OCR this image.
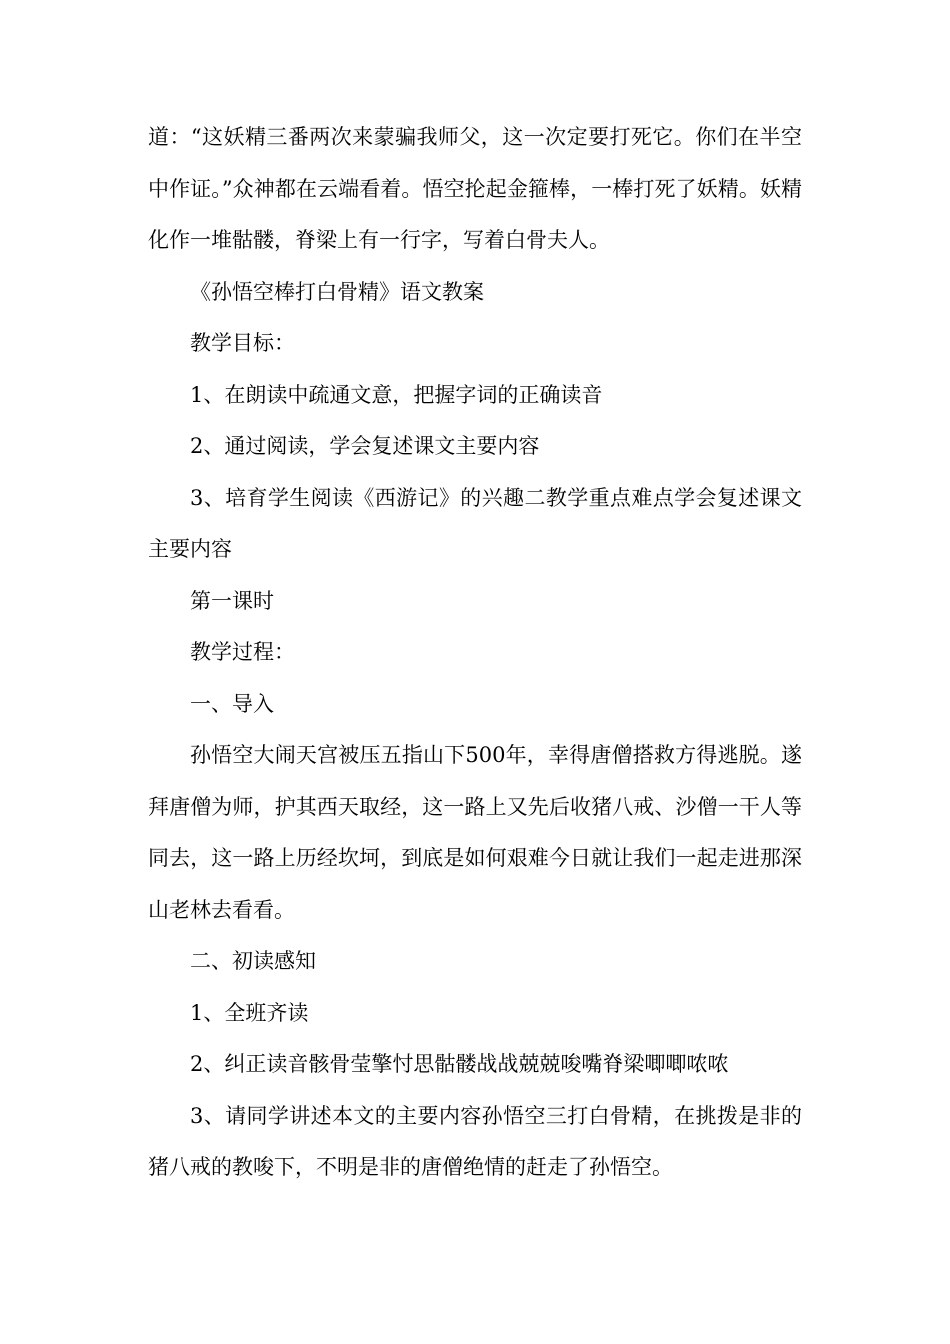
道：“这妖精三番两次来蒙骗我师父，这一次定要打死它。你们在半空中作证。”众神都在云端看着。悟空抡起金箍棒，一棒打死了妖精。妖精化作一堆骷髅，脊梁上有一行字，写着白骨夫人。

《孙悟空棒打白骨精》语文教案

教学目标：

1、在朗读中疏通文意，把握字词的正确读音

2、通过阅读，学会复述课文主要内容

3、培育学生阅读《西游记》的兴趣二教学重点难点学会复述课文主要内容

第一课时

教学过程：

一、导入

孙悟空大闹天宫被压五指山下500年，幸得唐僧搭救方得逃脱。遂拜唐僧为师，护其西天取经，这一路上又先后收猪八戒、沙僧一干人等同去，这一路上历经坎坷，到底是如何艰难今日就让我们一起走进那深山老林去看看。

二、初读感知

1、全班齐读

2、纠正读音骸骨莹擎忖思骷髅战战兢兢唆嘴脊梁唧唧哝哝

3、请同学讲述本文的主要内容孙悟空三打白骨精，在挑拨是非的猪八戒的教唆下，不明是非的唐僧绝情的赶走了孙悟空。
